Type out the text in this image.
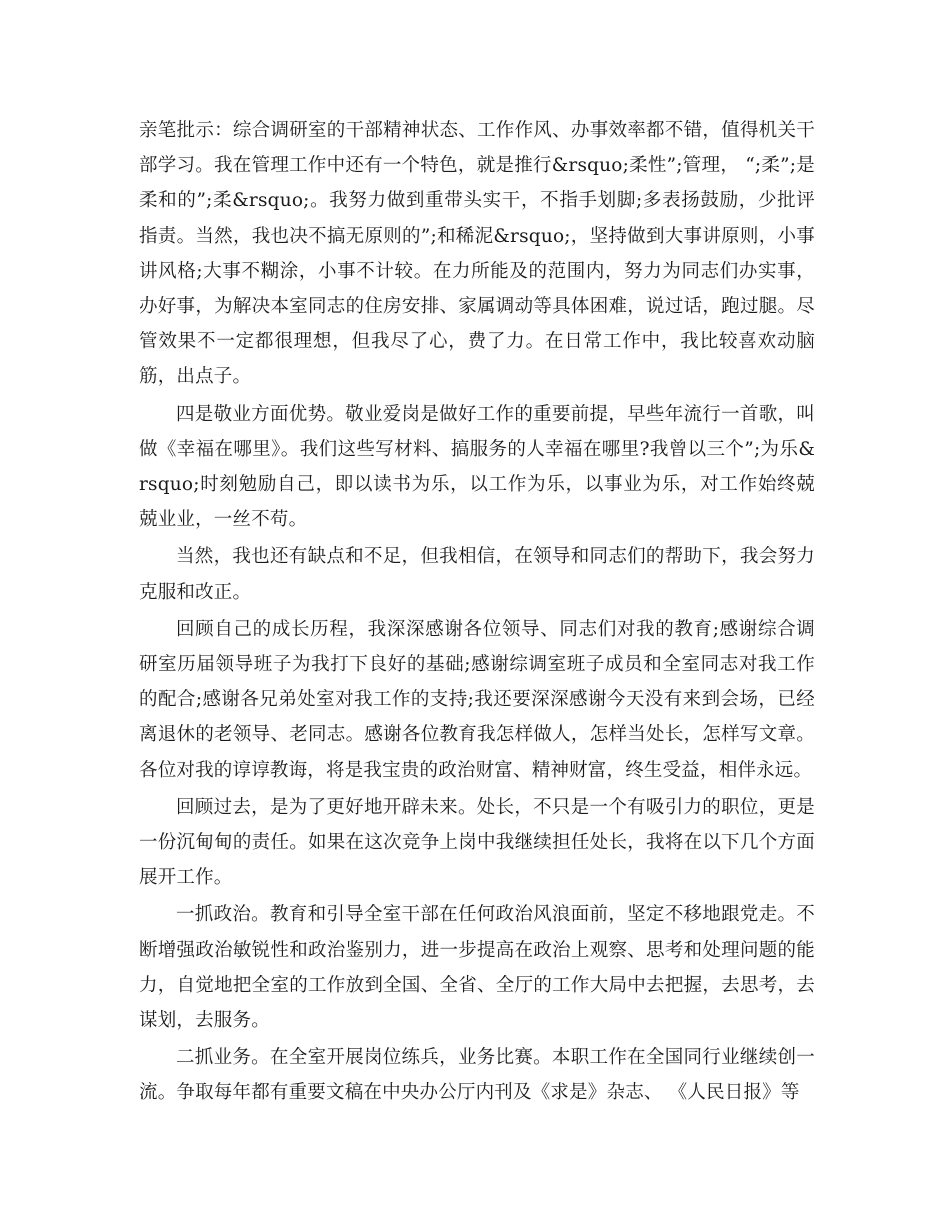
亲笔批示：综合调研室的干部精神状态、工作作风、办事效率都不错，值得机关干部学习。我在管理工作中还有一个特色，就是推行&rsquo;柔性”;管理， “;柔”;是柔和的”;柔&rsquo;。我努力做到重带头实干，不指手划脚;多表扬鼓励，少批评指责。当然，我也决不搞无原则的”;和稀泥&rsquo;，坚持做到大事讲原则，小事讲风格;大事不糊涂，小事不计较。在力所能及的范围内，努力为同志们办实事，办好事，为解决本室同志的住房安排、家属调动等具体困难，说过话，跑过腿。尽管效果不一定都很理想，但我尽了心，费了力。在日常工作中，我比较喜欢动脑筋，出点子。

四是敬业方面优势。敬业爱岗是做好工作的重要前提，早些年流行一首歌，叫做《幸福在哪里》。我们这些写材料、搞服务的人幸福在哪里?我曾以三个”;为乐&rsquo;时刻勉励自己，即以读书为乐，以工作为乐，以事业为乐，对工作始终兢兢业业，一丝不苟。

当然，我也还有缺点和不足，但我相信，在领导和同志们的帮助下，我会努力克服和改正。

回顾自己的成长历程，我深深感谢各位领导、同志们对我的教育;感谢综合调研室历届领导班子为我打下良好的基础;感谢综调室班子成员和全室同志对我工作的配合;感谢各兄弟处室对我工作的支持;我还要深深感谢今天没有来到会场，已经离退休的老领导、老同志。感谢各位教育我怎样做人，怎样当处长，怎样写文章。各位对我的谆谆教诲，将是我宝贵的政治财富、精神财富，终生受益，相伴永远。

回顾过去，是为了更好地开辟未来。处长，不只是一个有吸引力的职位，更是一份沉甸甸的责任。如果在这次竞争上岗中我继续担任处长，我将在以下几个方面展开工作。

一抓政治。教育和引导全室干部在任何政治风浪面前，坚定不移地跟党走。不断增强政治敏锐性和政治鉴别力，进一步提高在政治上观察、思考和处理问题的能力，自觉地把全室的工作放到全国、全省、全厅的工作大局中去把握，去思考，去谋划，去服务。

二抓业务。在全室开展岗位练兵，业务比赛。本职工作在全国同行业继续创一流。争取每年都有重要文稿在中央办公厅内刊及《求是》杂志、 《人民日报》等
